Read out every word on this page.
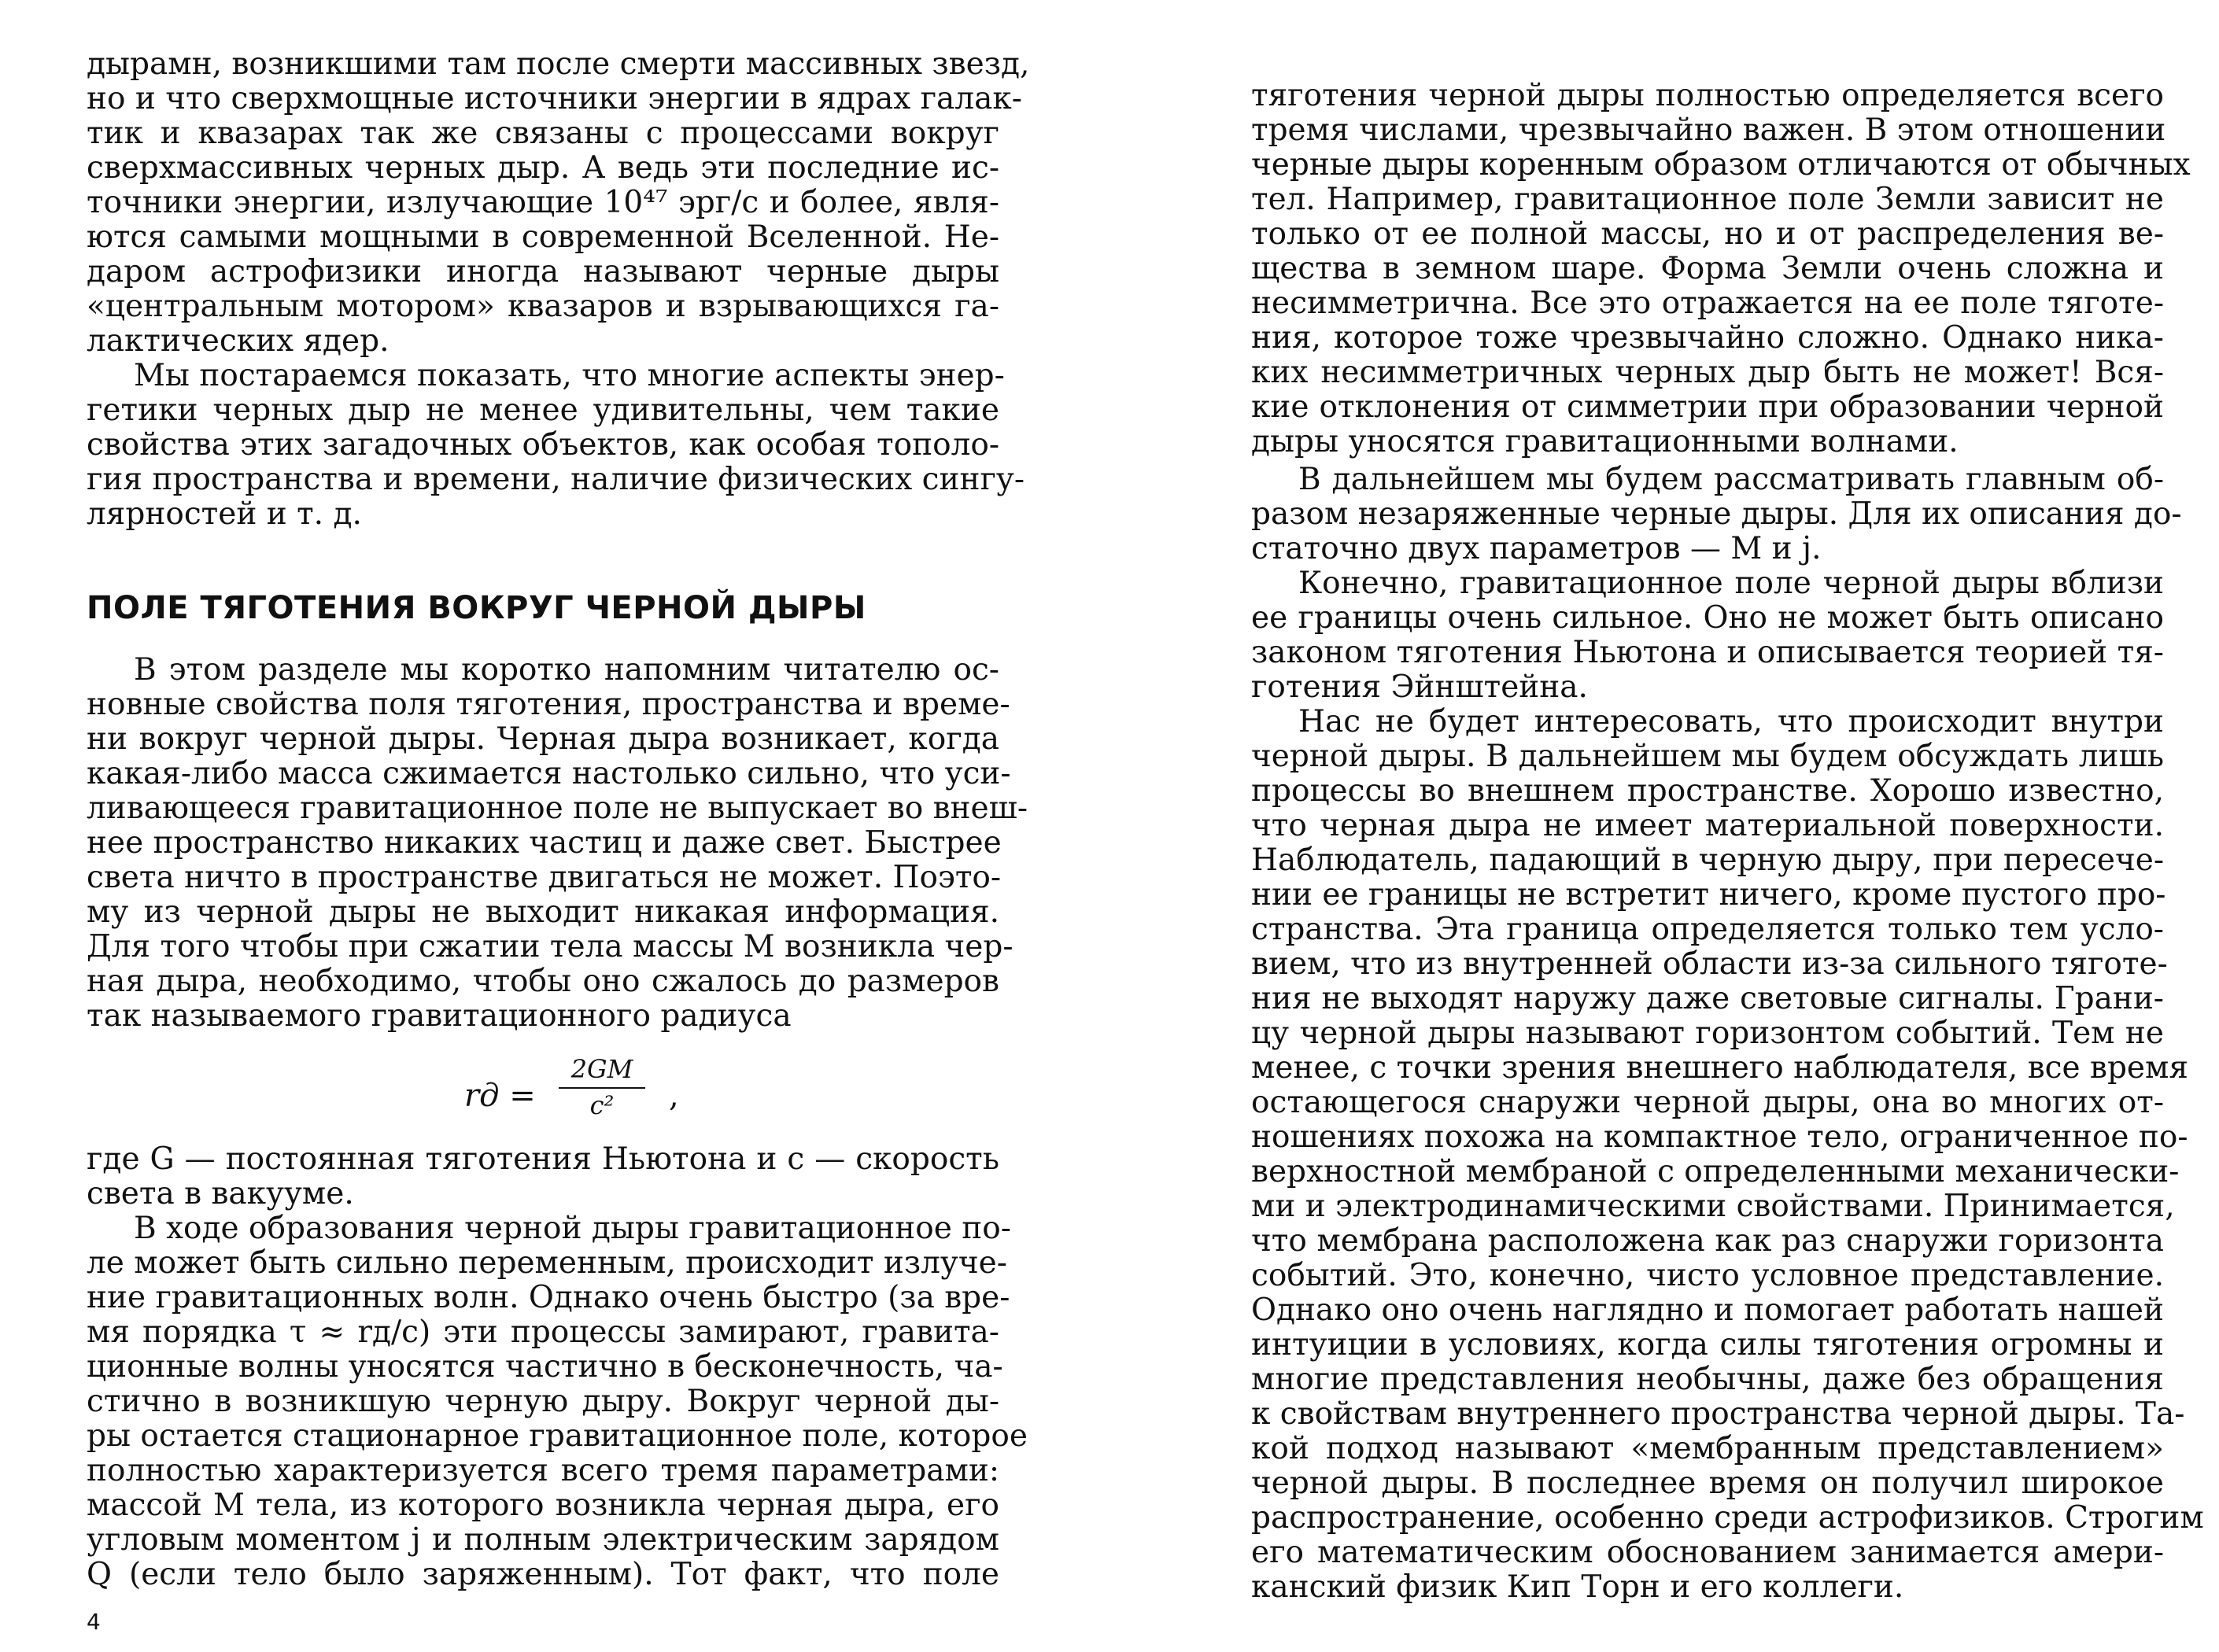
дырамн, возникшими там после смерти массивных звезд,
но и что сверхмощные источники энергии в ядрах галак-
тик и квазарах так же связаны с процессами вокруг
сверхмассивных черных дыр. А ведь эти последние ис-
точники энергии, излучающие 10⁴⁷ эрг/с и более, явля-
ются самыми мощными в современной Вселенной. Не-
даром астрофизики иногда называют черные дыры
«центральным мотором» квазаров и взрывающихся га-
лактических ядер.
Мы постараемся показать, что многие аспекты энер-
гетики черных дыр не менее удивительны, чем такие
свойства этих загадочных объектов, как особая тополо-
гия пространства и времени, наличие физических сингу-
лярностей и т. д.
ПОЛЕ ТЯГОТЕНИЯ ВОКРУГ ЧЕРНОЙ ДЫРЫ
В этом разделе мы коротко напомним читателю ос-
новные свойства поля тяготения, пространства и време-
ни вокруг черной дыры. Черная дыра возникает, когда
какая-либо масса сжимается настолько сильно, что уси-
ливающееся гравитационное поле не выпускает во внеш-
нее пространство никаких частиц и даже свет. Быстрее
света ничто в пространстве двигаться не может. Поэто-
му из черной дыры не выходит никакая информация.
Для того чтобы при сжатии тела массы M возникла чер-
ная дыра, необходимо, чтобы оно сжалось до размеров
так называемого гравитационного радиуса
rд = $\frac{2GM}{\text{c²}}$ ,
где G — постоянная тяготения Ньютона и c — скорость
света в вакууме.
В ходе образования черной дыры гравитационное по-
ле может быть сильно переменным, происходит излуче-
ние гравитационных волн. Однако очень быстро (за вре-
мя порядка τ ≈ rд/c) эти процессы замирают, гравита-
ционные волны уносятся частично в бесконечность, ча-
стично в возникшую черную дыру. Вокруг черной ды-
ры остается стационарное гравитационное поле, которое
полностью характеризуется всего тремя параметрами:
массой M тела, из которого возникла черная дыра, его
угловым моментом j и полным электрическим зарядом
Q (если тело было заряженным). Тот факт, что поле
4
тяготения черной дыры полностью определяется всего
тремя числами, чрезвычайно важен. В этом отношении
черные дыры коренным образом отличаются от обычных
тел. Например, гравитационное поле Земли зависит не
только от ее полной массы, но и от распределения ве-
щества в земном шаре. Форма Земли очень сложна и
несимметрична. Все это отражается на ее поле тяготе-
ния, которое тоже чрезвычайно сложно. Однако ника-
ких несимметричных черных дыр быть не может! Вся-
кие отклонения от симметрии при образовании черной
дыры уносятся гравитационными волнами.
В дальнейшем мы будем рассматривать главным об-
разом незаряженные черные дыры. Для их описания до-
статочно двух параметров — M и j.
Конечно, гравитационное поле черной дыры вблизи
ее границы очень сильное. Оно не может быть описано
законом тяготения Ньютона и описывается теорией тя-
готения Эйнштейна.
Нас не будет интересовать, что происходит внутри
черной дыры. В дальнейшем мы будем обсуждать лишь
процессы во внешнем пространстве. Хорошо известно,
что черная дыра не имеет материальной поверхности.
Наблюдатель, падающий в черную дыру, при пересече-
нии ее границы не встретит ничего, кроме пустого про-
странства. Эта граница определяется только тем усло-
вием, что из внутренней области из-за сильного тяготе-
ния не выходят наружу даже световые сигналы. Грани-
цу черной дыры называют горизонтом событий. Тем не
менее, с точки зрения внешнего наблюдателя, все время
остающегося снаружи черной дыры, она во многих от-
ношениях похожа на компактное тело, ограниченное по-
верхностной мембраной с определенными механически-
ми и электродинамическими свойствами. Принимается,
что мембрана расположена как раз снаружи горизонта
событий. Это, конечно, чисто условное представление.
Однако оно очень наглядно и помогает работать нашей
интуиции в условиях, когда силы тяготения огромны и
многие представления необычны, даже без обращения
к свойствам внутреннего пространства черной дыры. Та-
кой подход называют «мембранным представлением»
черной дыры. В последнее время он получил широкое
распространение, особенно среди астрофизиков. Строгим
его математическим обоснованием занимается амери-
канский физик Кип Торн и его коллеги.
